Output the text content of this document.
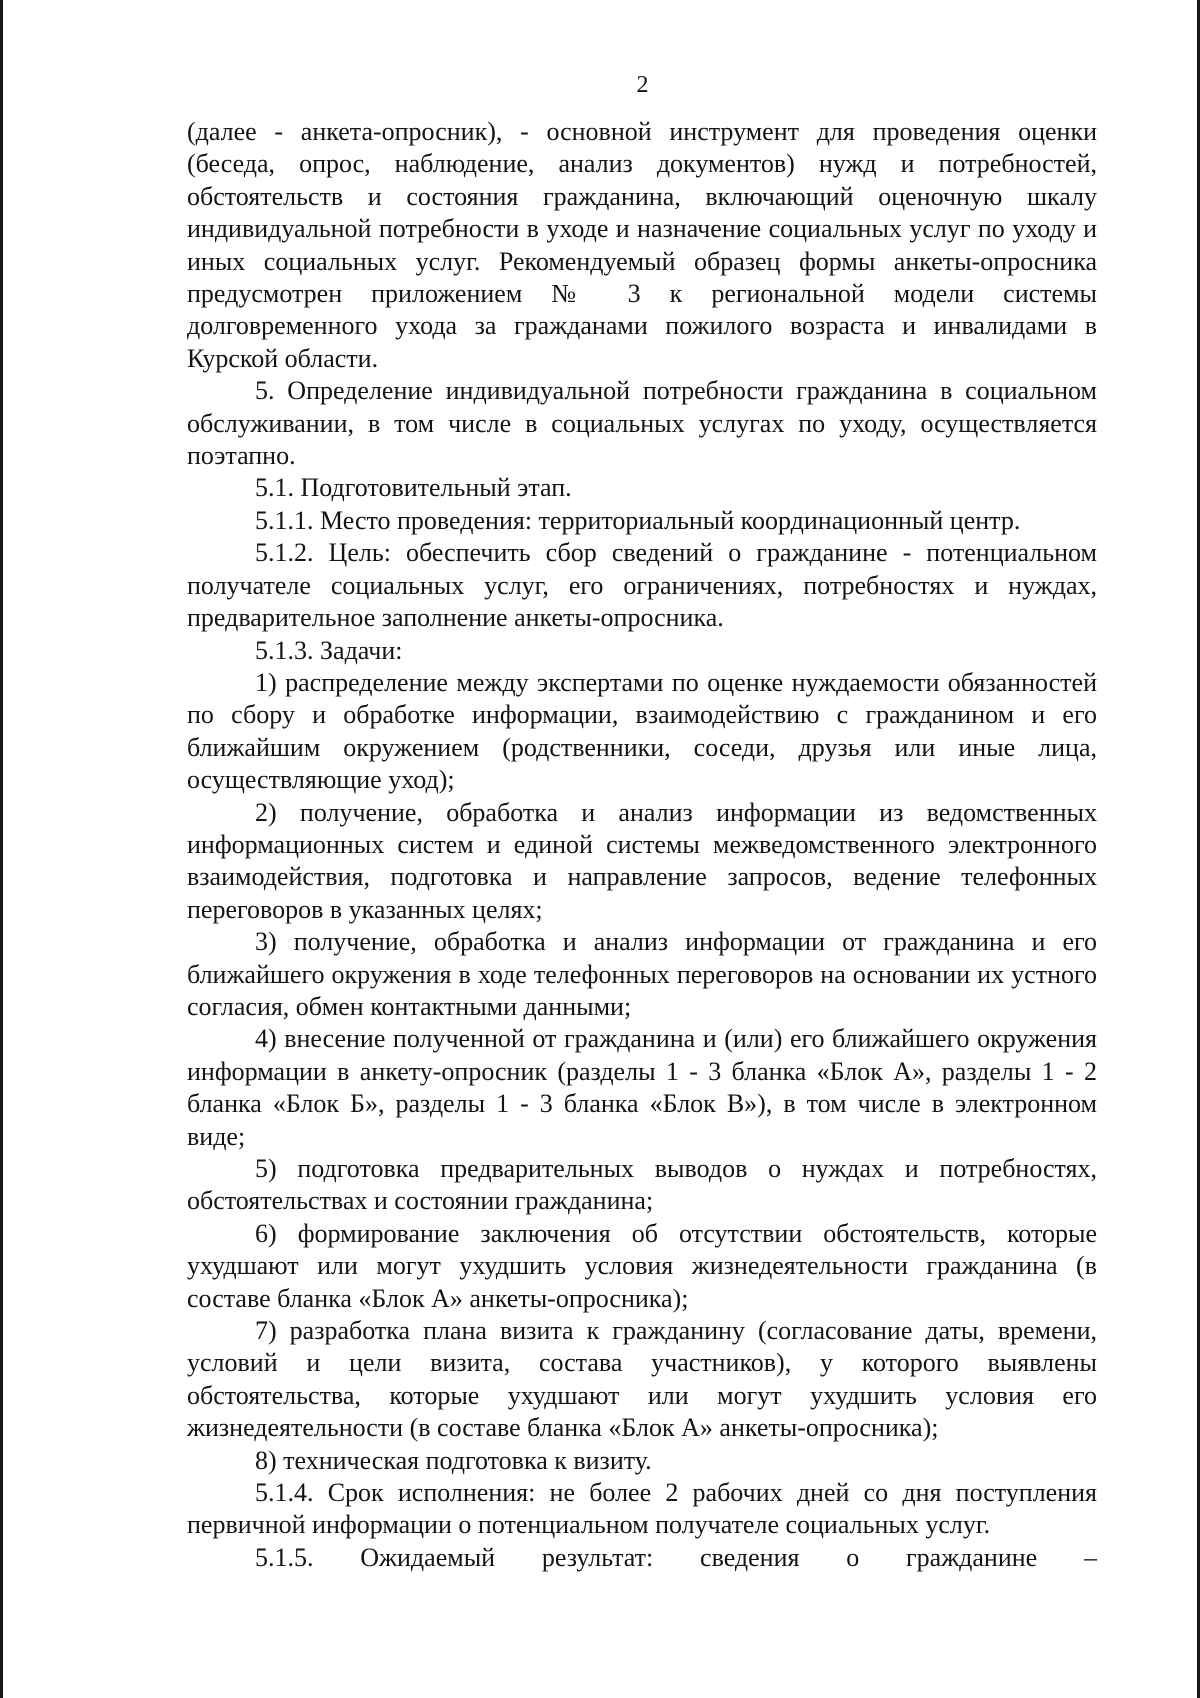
2

(далее - анкета-опросник), - основной инструмент для проведения оценки (беседа, опрос, наблюдение, анализ документов) нужд и потребностей, обстоятельств и состояния гражданина, включающий оценочную шкалу индивидуальной потребности в уходе и назначение социальных услуг по уходу и иных социальных услуг. Рекомендуемый образец формы анкеты-опросника предусмотрен приложением № 3 к региональной модели системы долговременного ухода за гражданами пожилого возраста и инвалидами в Курской области.

5. Определение индивидуальной потребности гражданина в социальном обслуживании, в том числе в социальных услугах по уходу, осуществляется поэтапно.

5.1. Подготовительный этап.

5.1.1. Место проведения: территориальный координационный центр.

5.1.2. Цель: обеспечить сбор сведений о гражданине - потенциальном получателе социальных услуг, его ограничениях, потребностях и нуждах, предварительное заполнение анкеты-опросника.

5.1.3. Задачи:

1) распределение между экспертами по оценке нуждаемости обязанностей по сбору и обработке информации, взаимодействию с гражданином и его ближайшим окружением (родственники, соседи, друзья или иные лица, осуществляющие уход);

2) получение, обработка и анализ информации из ведомственных информационных систем и единой системы межведомственного электронного взаимодействия, подготовка и направление запросов, ведение телефонных переговоров в указанных целях;

3) получение, обработка и анализ информации от гражданина и его ближайшего окружения в ходе телефонных переговоров на основании их устного согласия, обмен контактными данными;

4) внесение полученной от гражданина и (или) его ближайшего окружения информации в анкету-опросник (разделы 1 - 3 бланка «Блок А», разделы 1 - 2 бланка «Блок Б», разделы 1 - 3 бланка «Блок В»), в том числе в электронном виде;

5) подготовка предварительных выводов о нуждах и потребностях, обстоятельствах и состоянии гражданина;

6) формирование заключения об отсутствии обстоятельств, которые ухудшают или могут ухудшить условия жизнедеятельности гражданина (в составе бланка «Блок А» анкеты-опросника);

7) разработка плана визита к гражданину (согласование даты, времени, условий и цели визита, состава участников), у которого выявлены обстоятельства, которые ухудшают или могут ухудшить условия его жизнедеятельности (в составе бланка «Блок А» анкеты-опросника);

8) техническая подготовка к визиту.

5.1.4. Срок исполнения: не более 2 рабочих дней со дня поступления первичной информации о потенциальном получателе социальных услуг.

5.1.5. Ожидаемый результат: сведения о гражданине –
